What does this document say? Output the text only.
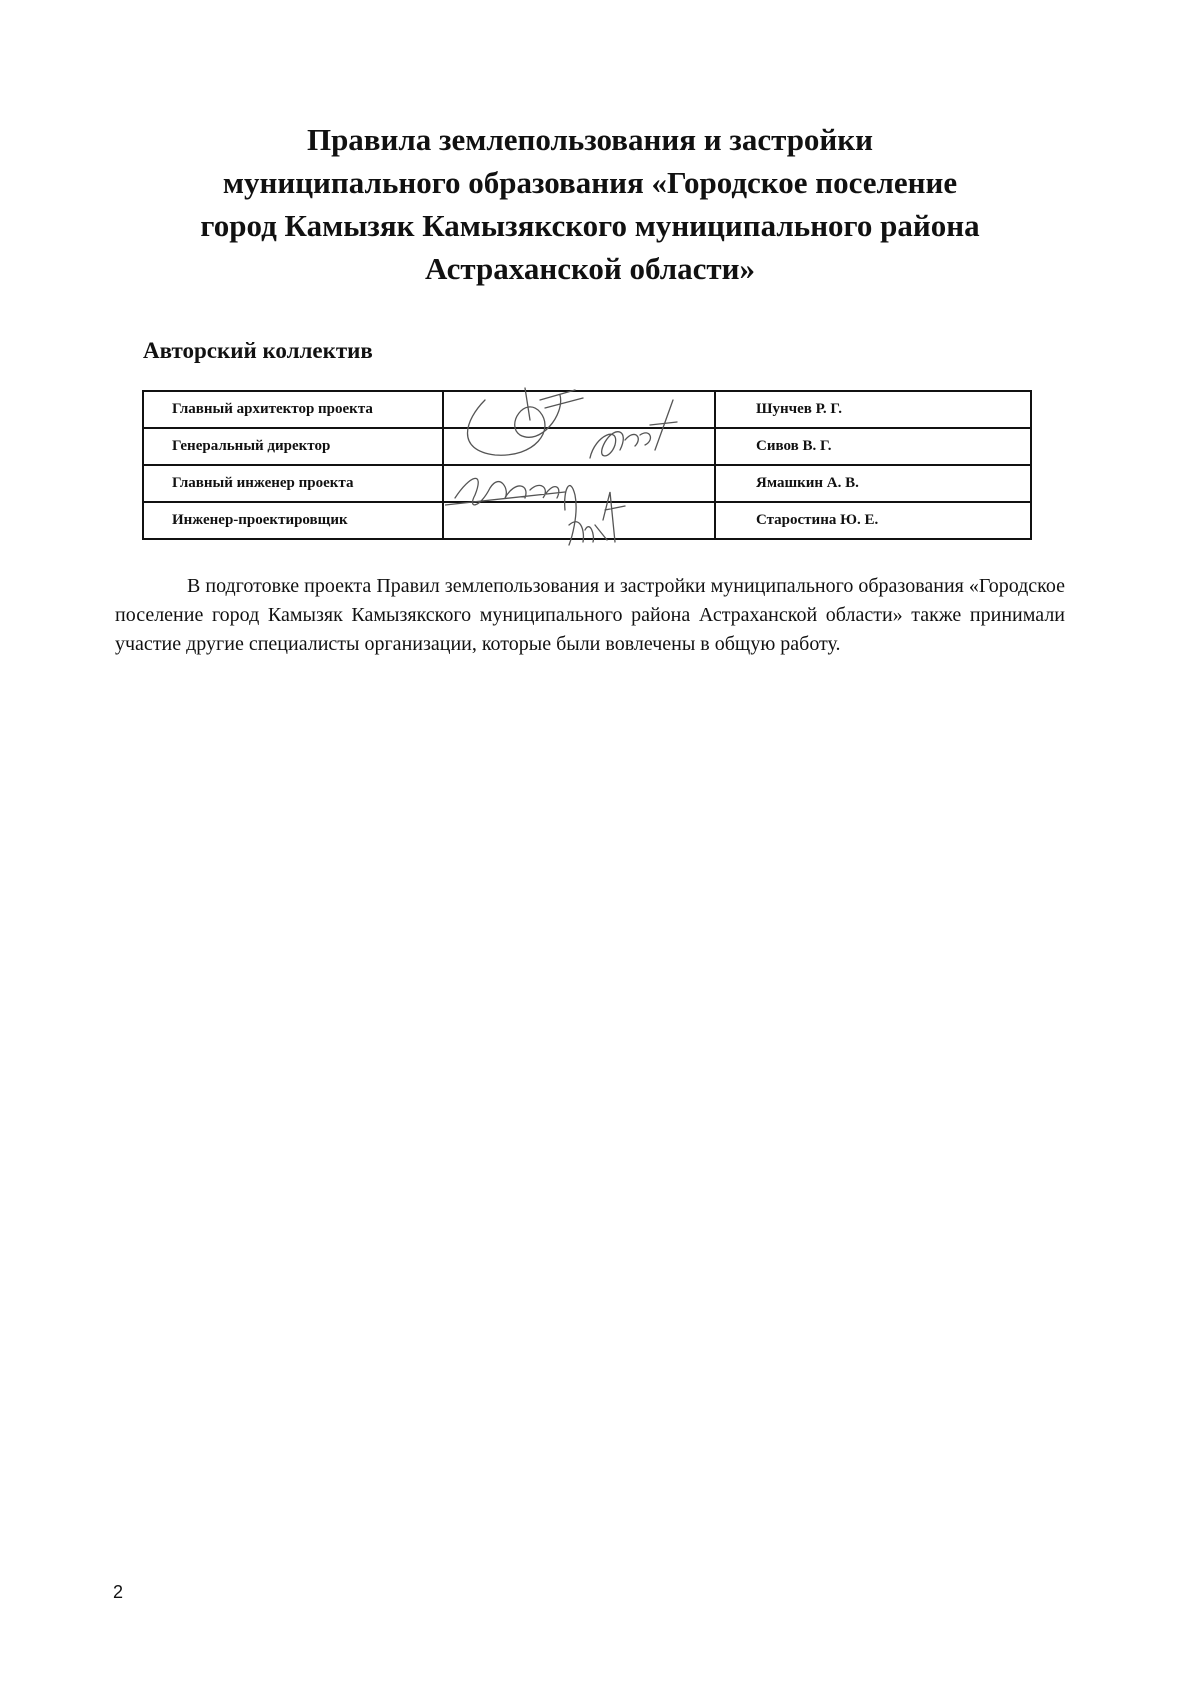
Правила землепользования и застройки
муниципального образования «Городское поселение
город Камызяк Камызякского муниципального района
Астраханской области»
Авторский коллектив
Главный архитектор проекта		Шунчев Р. Г.
Генеральный директор		Сивов В. Г.
Главный инженер проекта		Ямашкин А. В.
Инженер-проектировщик		Старостина Ю. Е.

В подготовке проекта Правил землепользования и застройки муниципального образования «Городское поселение город Камызяк Камызякского муниципального района Астраханской области» также принимали участие другие специалисты организации, которые были вовлечены в общую работу.

2
